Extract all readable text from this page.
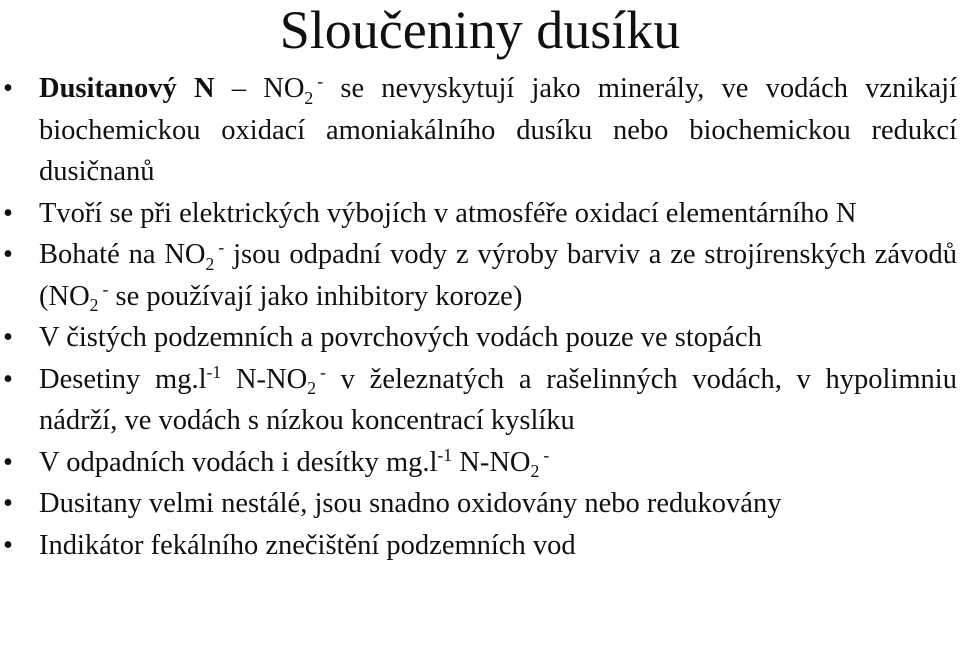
Sloučeniny dusíku
• Dusitanový N – $NO_2^-$ se nevyskytují jako minerály, ve vodách vznikají biochemickou oxidací amoniakálního dusíku nebo biochemickou redukcí dusičnanů
• Tvoří se při elektrických výbojích v atmosféře oxidací elementárního N
• Bohaté na $NO_2^-$ jsou odpadní vody z výroby barviv a ze strojírenských závodů ($NO_2^-$ se používají jako inhibitory koroze)
• V čistých podzemních a povrchových vodách pouze ve stopách
• Desetiny $mg.l^{-1}$ $N-NO_2^-$ v železnatých a rašelinných vodách, v hypolimniu nádrží, ve vodách s nízkou koncentrací kyslíku
• V odpadních vodách i desítky $mg.l^{-1}$ $N-NO_2^-$
• Dusitany velmi nestálé, jsou snadno oxidovány nebo redukovány
• Indikátor fekálního znečištění podzemních vod
